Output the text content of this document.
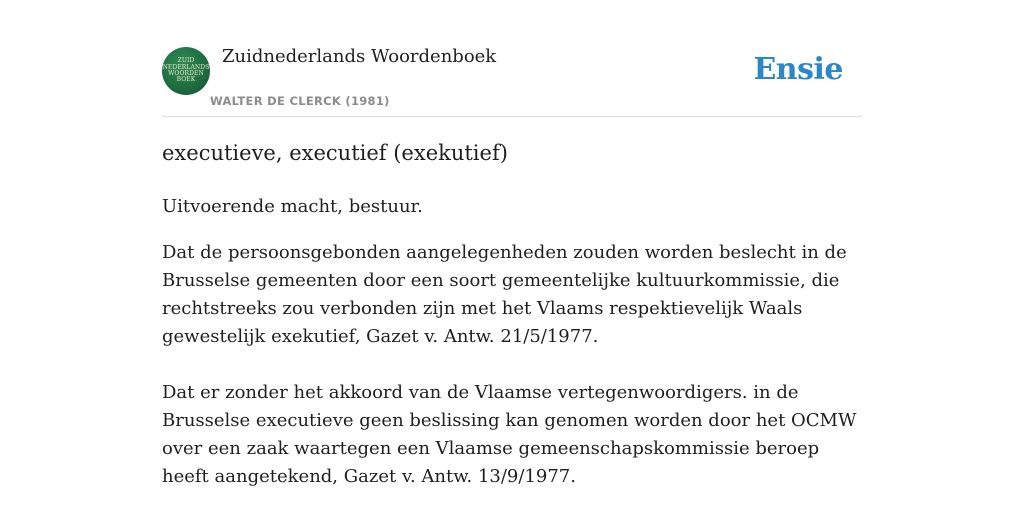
ZUID
NEDERLANDS
WOORDEN
BOEK
Zuidnederlands Woordenboek
WALTER DE CLERCK (1981)
Ensie
executieve, executief (exekutief)
Uitvoerende macht, bestuur.
Dat de persoonsgebonden aangelegenheden zouden worden beslecht in de Brusselse gemeenten door een soort gemeentelijke kultuurkommissie, die rechtstreeks zou verbonden zijn met het Vlaams respektievelijk Waals gewestelijk exekutief, Gazet v. Antw. 21/5/1977.
Dat er zonder het akkoord van de Vlaamse vertegenwoordigers. in de Brusselse executieve geen beslissing kan genomen worden door het OCMW over een zaak waartegen een Vlaamse gemeenschapskommissie beroep heeft aangetekend, Gazet v. Antw. 13/9/1977.
